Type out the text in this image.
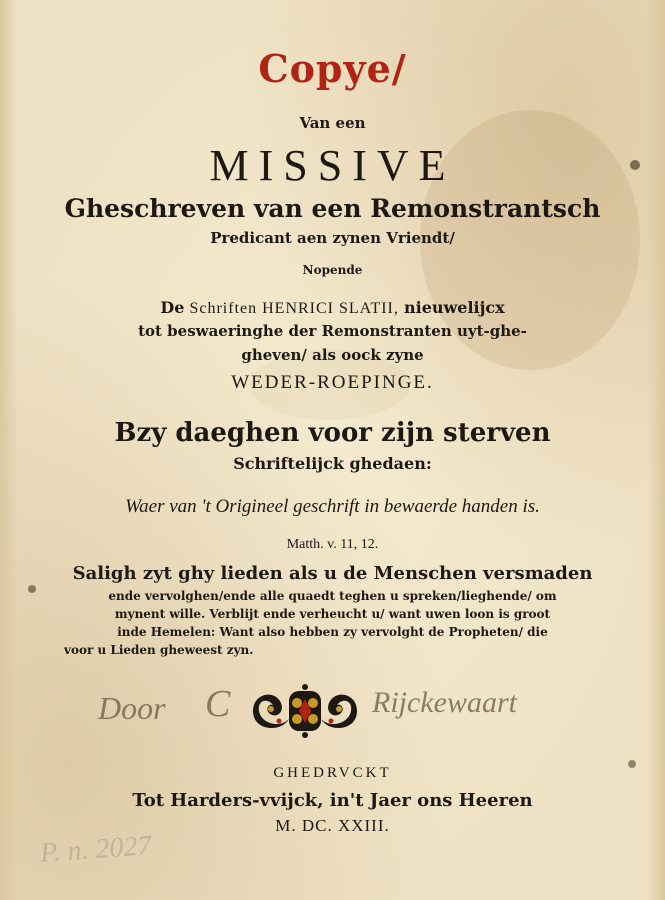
Copye/
Van een
MISSIVE
Gheschreven van een Remonstrantsch
Predicant aen zynen Vriendt/
Nopende
De Schriften HENRICI SLATII, nieuwelijcx
tot beswaeringhe der Remonstranten uyt-ghe-
gheven/ als oock zyne
WEDER-ROEPINGE.
Bzy daeghen voor zijn sterven
Schriftelijck ghedaen:
Waer van 't Origineel geschrift in bewaerde handen is.
Matth. v. 11, 12.
Saligh zyt ghy lieden als u de Menschen versmaden
ende vervolghen/ende alle quaedt teghen u spreken/lieghende/ om
mynent wille. Verblijt ende verheucht u/ want uwen loon is groot
inde Hemelen: Want also hebben zy vervolght de Propheten/ die
voor u Lieden gheweest zyn.
Door C	Rijckewaart
GHEDRVCKT
Tot Harders-vvijck, in't Jaer ons Heeren
M. DC. XXIII.
P. n. 2027
